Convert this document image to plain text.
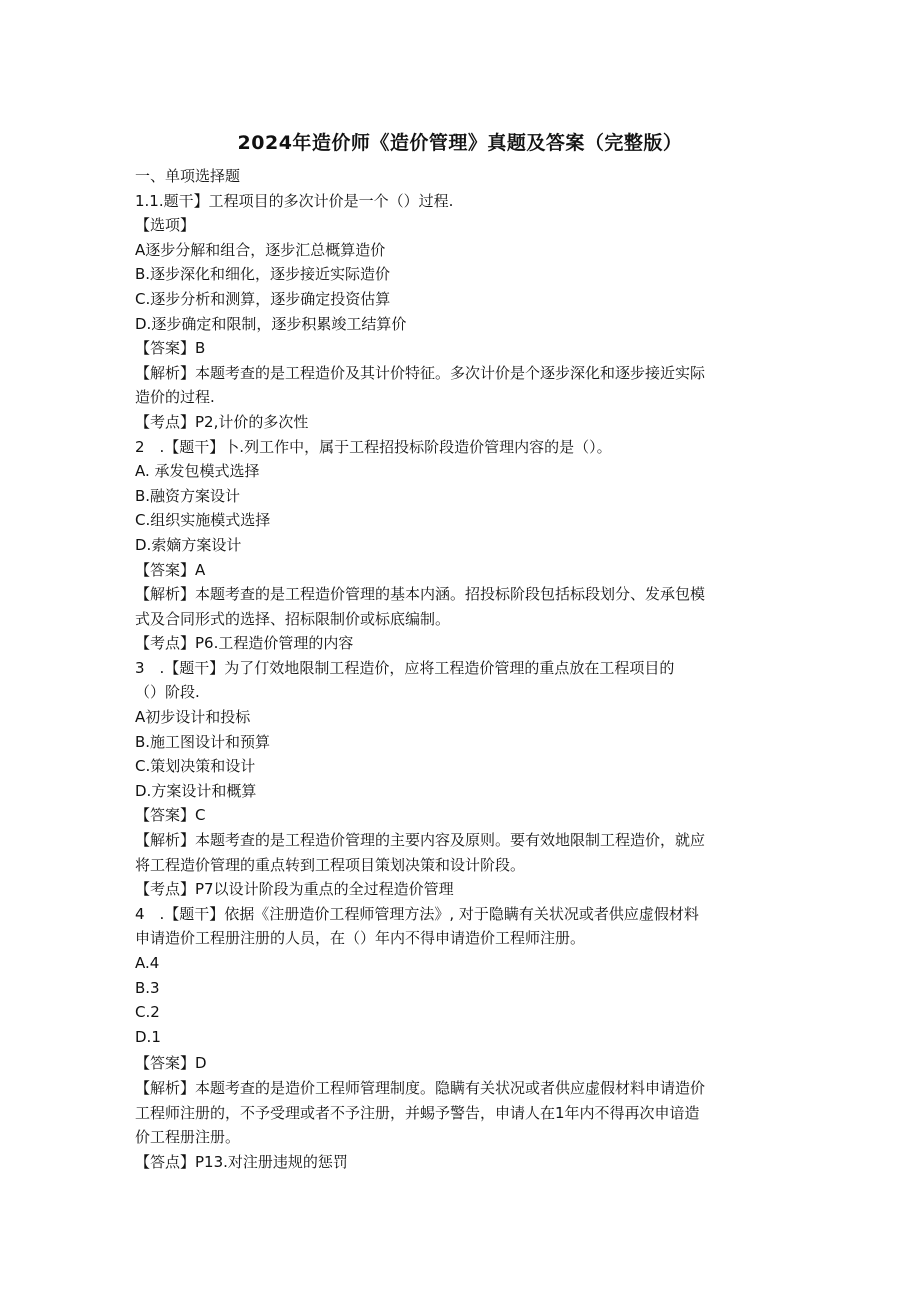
2024年造价师《造价管理》真题及答案（完整版）
一、单项选择题
1.1.题干】工程项目的多次计价是一个（）过程.
【选项】
A逐步分解和组合，逐步汇总概算造价
B.逐步深化和细化，逐步接近实际造价
C.逐步分析和测算，逐步确定投资估算
D.逐步确定和限制，逐步积累竣工结算价
【答案】B
【解析】本题考查的是工程造价及其计价特征。多次计价是个逐步深化和逐步接近实际
造价的过程.
【考点】P2,计价的多次性
2　.【题干】卜.列工作中，属于工程招投标阶段造价管理内容的是（）。
A. 承发包模式选择
B.融资方案设计
C.组织实施模式选择
D.索嫡方案设计
【答案】A
【解析】本题考查的是工程造价管理的基本内涵。招投标阶段包括标段划分、发承包模
式及合同形式的选择、招标限制价或标底编制。
【考点】P6.工程造价管理的内容
3　.【题干】为了仃效地限制工程造价，应将工程造价管理的重点放在工程项目的
（）阶段.
A初步设计和投标
B.施工图设计和预算
C.策划决策和设计
D.方案设计和概算
【答案】C
【解析】本题考查的是工程造价管理的主要内容及原则。要有效地限制工程造价，就应
将工程造价管理的重点转到工程项目策划决策和设计阶段。
【考点】P7以设计阶段为重点的全过程造价管理
4　.【题干】依据《注册造价工程师管理方法》, 对于隐瞒有关状况或者供应虚假材料
申请造价工程册注册的人员，在（）年内不得申请造价工程师注册。
A.4
B.3
C.2
D.1
【答案】D
【解析】本题考查的是造价工程师管理制度。隐瞒有关状况或者供应虚假材料申请造价
工程师注册的，不予受理或者不予注册，并蜴予警告，申请人在1年内不得再次申谙造
价工程册注册。
【答点】P13.对注册违规的惩罚
